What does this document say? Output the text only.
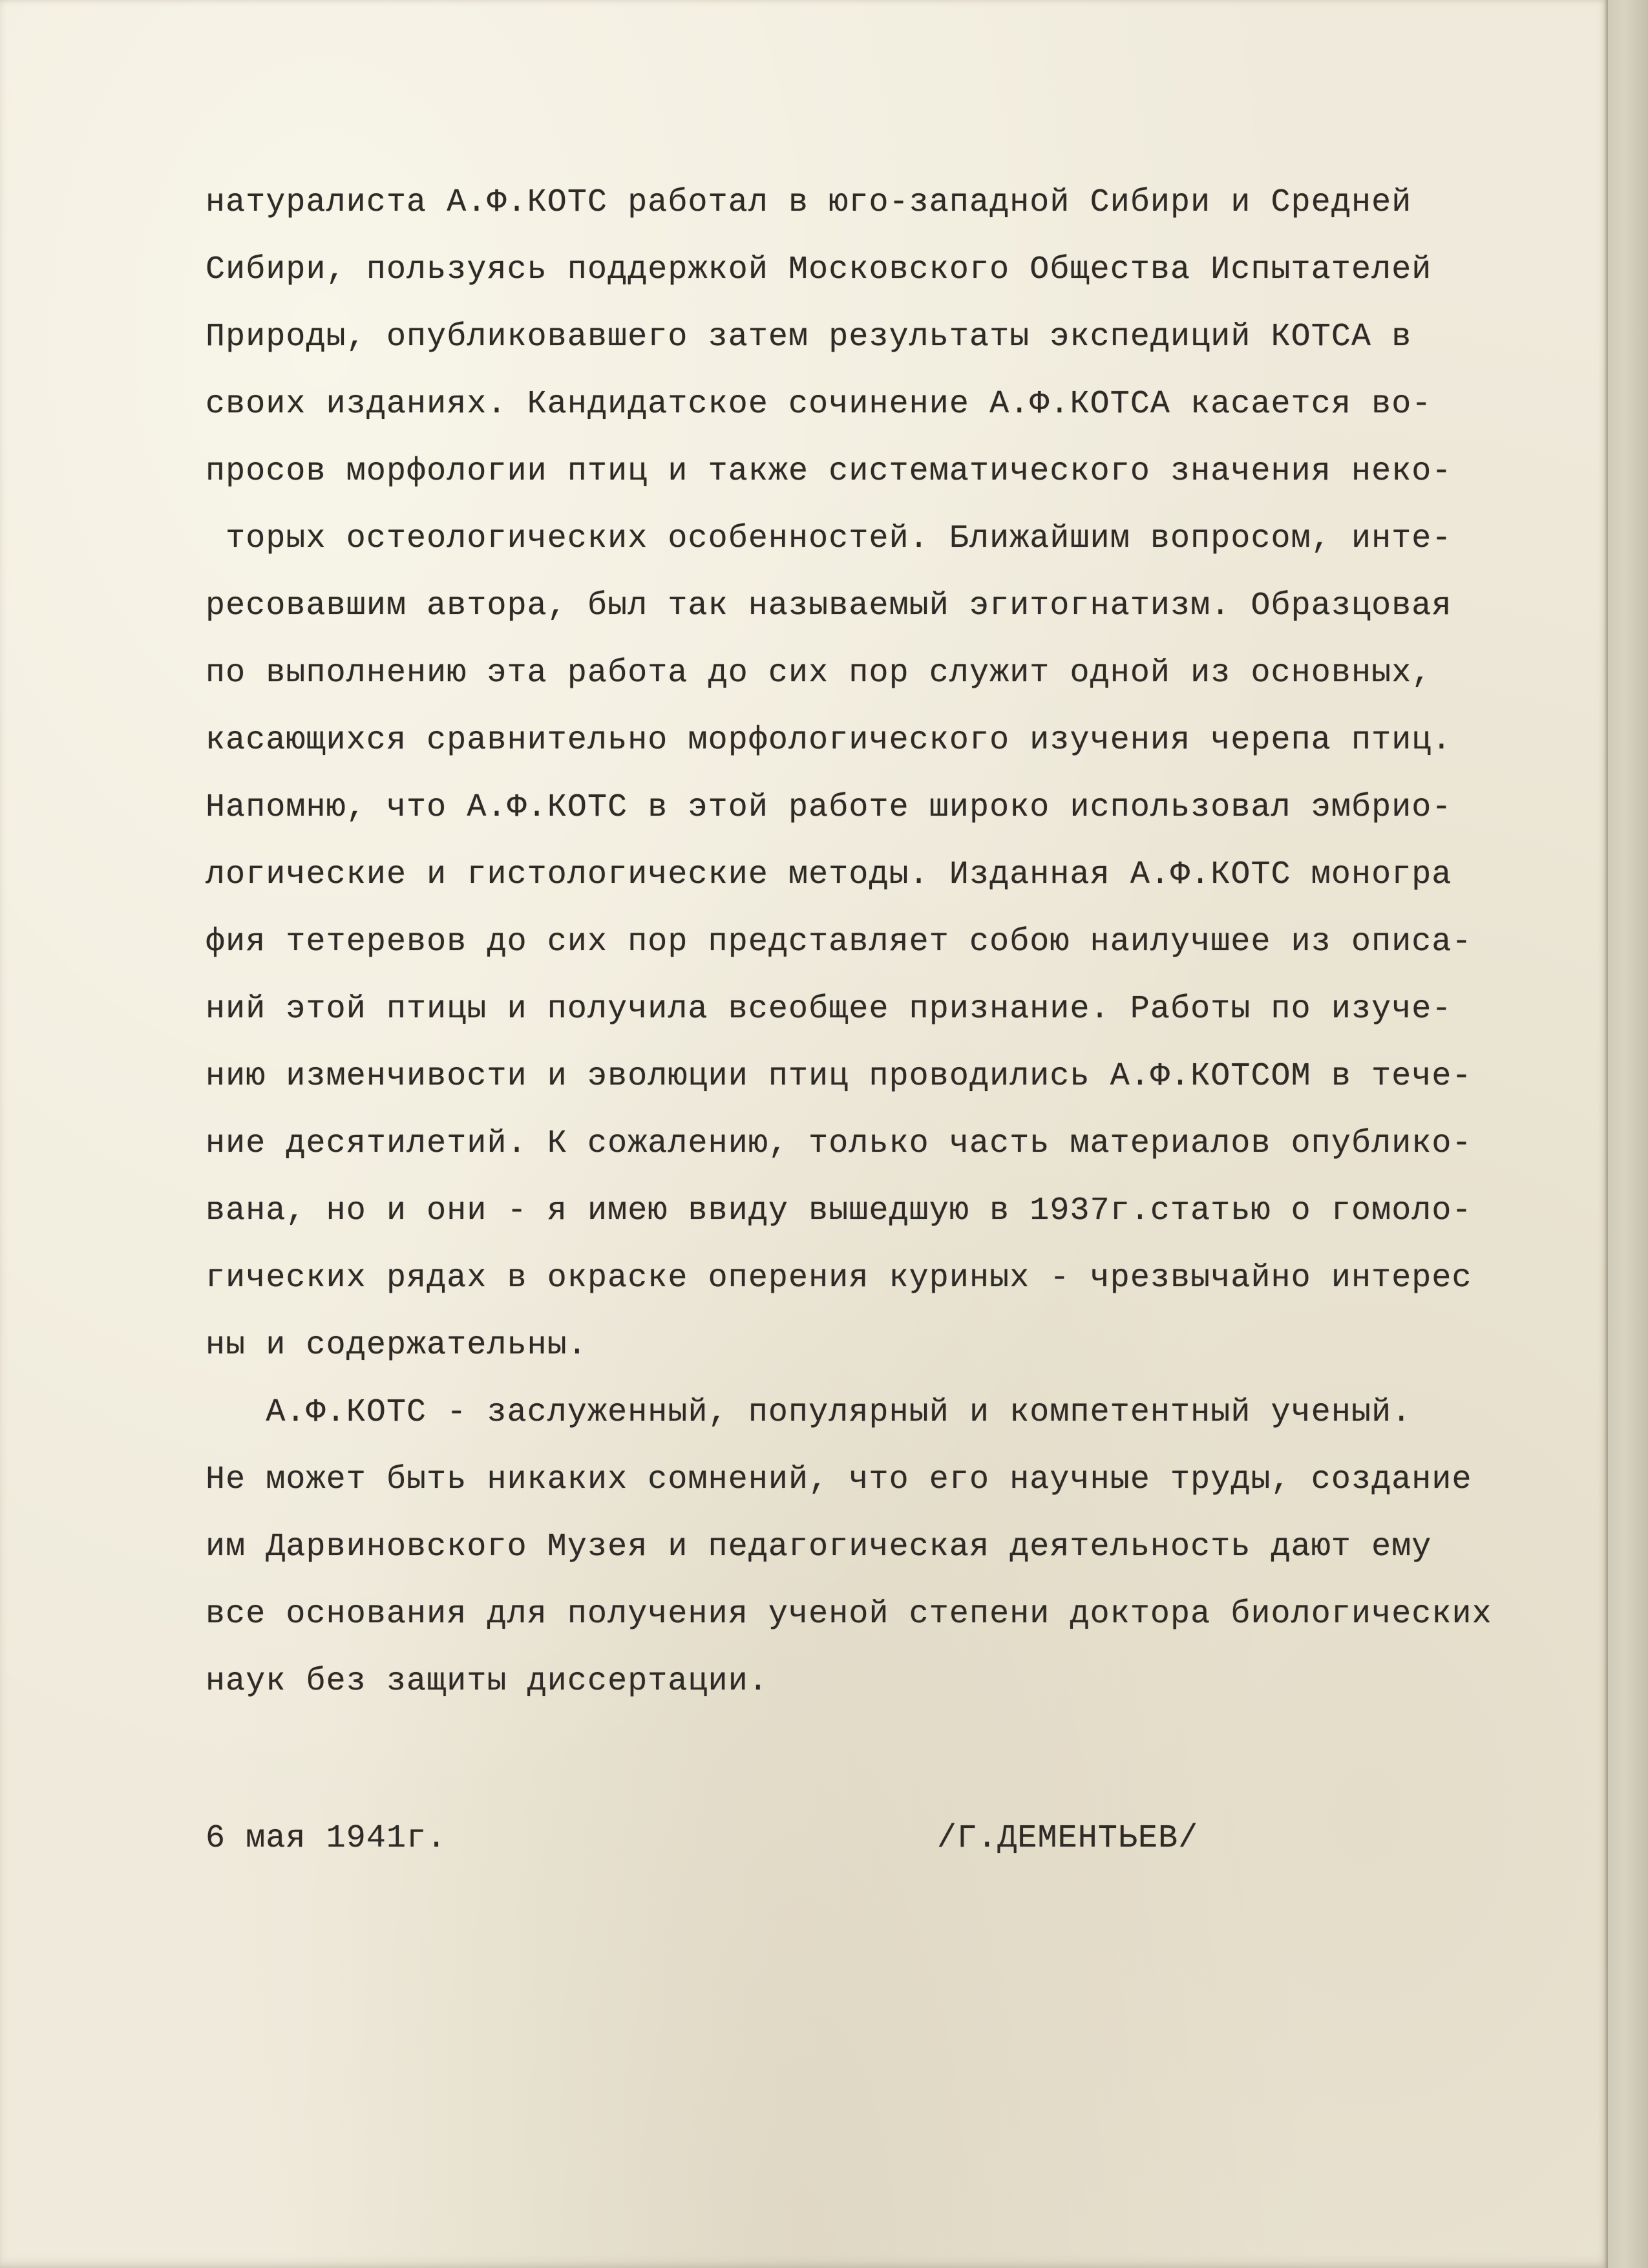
натуралиста А.Ф.КОТС работал в юго-западной Сибири и Средней
Сибири, пользуясь поддержкой Московского Общества Испытателей
Природы, опубликовавшего затем результаты экспедиций КОТСА в
своих изданиях. Кандидатское сочинение А.Ф.КОТСА касается во-
просов морфологии птиц и также систематического значения неко-
торых остеологических особенностей. Ближайшим вопросом, инте-
ресовавшим автора, был так называемый эгитогнатизм. Образцовая
по выполнению эта работа до сих пор служит одной из основных,
касающихся сравнительно морфологического изучения черепа птиц.
Напомню, что А.Ф.КОТС в этой работе широко использовал эмбрио-
логические и гистологические методы. Изданная А.Ф.КОТС моногра
фия тетеревов до сих пор представляет собою наилучшее из описа-
ний этой птицы и получила всеобщее признание. Работы по изуче-
нию изменчивости и эволюции птиц проводились А.Ф.КОТСОМ в тече-
ние десятилетий. К сожалению, только часть материалов опублико-
вана, но и они - я имею ввиду вышедшую в 1937г.статью о гомоло-
гических рядах в окраске оперения куриных - чрезвычайно интерес
ны и содержательны.
А.Ф.КОТС - заслуженный, популярный и компетентный ученый.
Не может быть никаких сомнений, что его научные труды, создание
им Дарвиновского Музея и педагогическая деятельность дают ему
все основания для получения ученой степени доктора биологических
наук без защиты диссертации.
6 мая 1941г.	/Г.ДЕМЕНТЬЕВ/
